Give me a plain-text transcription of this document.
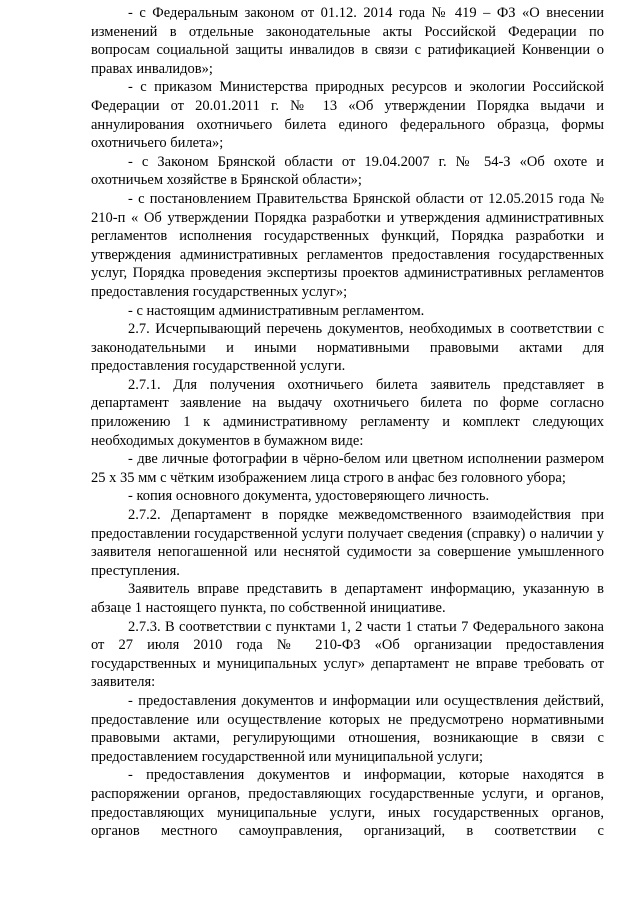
- с Федеральным законом от 01.12. 2014 года № 419 – ФЗ «О внесении изменений в отдельные законодательные акты Российской Федерации по вопросам социальной защиты инвалидов в связи с ратификацией Конвенции о правах инвалидов»;

- с приказом Министерства природных ресурсов и экологии Российской Федерации от 20.01.2011 г. № 13 «Об утверждении Порядка выдачи и аннулирования охотничьего билета единого федерального образца, формы охотничьего билета»;

- с Законом Брянской области от 19.04.2007 г. № 54-З «Об охоте и охотничьем хозяйстве в Брянской области»;

- с постановлением Правительства Брянской области от 12.05.2015 года № 210-п « Об утверждении Порядка разработки и утверждения административных регламентов исполнения государственных функций, Порядка разработки и утверждения административных регламентов предоставления государственных услуг, Порядка проведения экспертизы проектов административных регламентов предоставления государственных услуг»;

- с настоящим административным регламентом.

2.7. Исчерпывающий перечень документов, необходимых в соответствии с законодательными и иными нормативными правовыми актами для предоставления государственной услуги.

2.7.1. Для получения охотничьего билета заявитель представляет в департамент заявление на выдачу охотничьего билета по форме согласно приложению 1 к административному регламенту и комплект следующих необходимых документов в бумажном виде:

- две личные фотографии в чёрно-белом или цветном исполнении размером 25 х 35 мм с чётким изображением лица строго в анфас без головного убора;

- копия основного документа, удостоверяющего личность.

2.7.2. Департамент в порядке межведомственного взаимодействия при предоставлении государственной услуги получает сведения (справку) о наличии у заявителя непогашенной или неснятой судимости за совершение умышленного преступления.

Заявитель вправе представить в департамент информацию, указанную в абзаце 1 настоящего пункта, по собственной инициативе.

2.7.3. В соответствии с пунктами 1, 2 части 1 статьи 7 Федерального закона от 27 июля 2010 года № 210-ФЗ «Об организации предоставления государственных и муниципальных услуг» департамент не вправе требовать от заявителя:

- предоставления документов и информации или осуществления действий, предоставление или осуществление которых не предусмотрено нормативными правовыми актами, регулирующими отношения, возникающие в связи с предоставлением государственной или муниципальной услуги;

- предоставления документов и информации, которые находятся в распоряжении органов, предоставляющих государственные услуги, и органов, предоставляющих муниципальные услуги, иных государственных органов, органов местного самоуправления, организаций, в соответствии с
